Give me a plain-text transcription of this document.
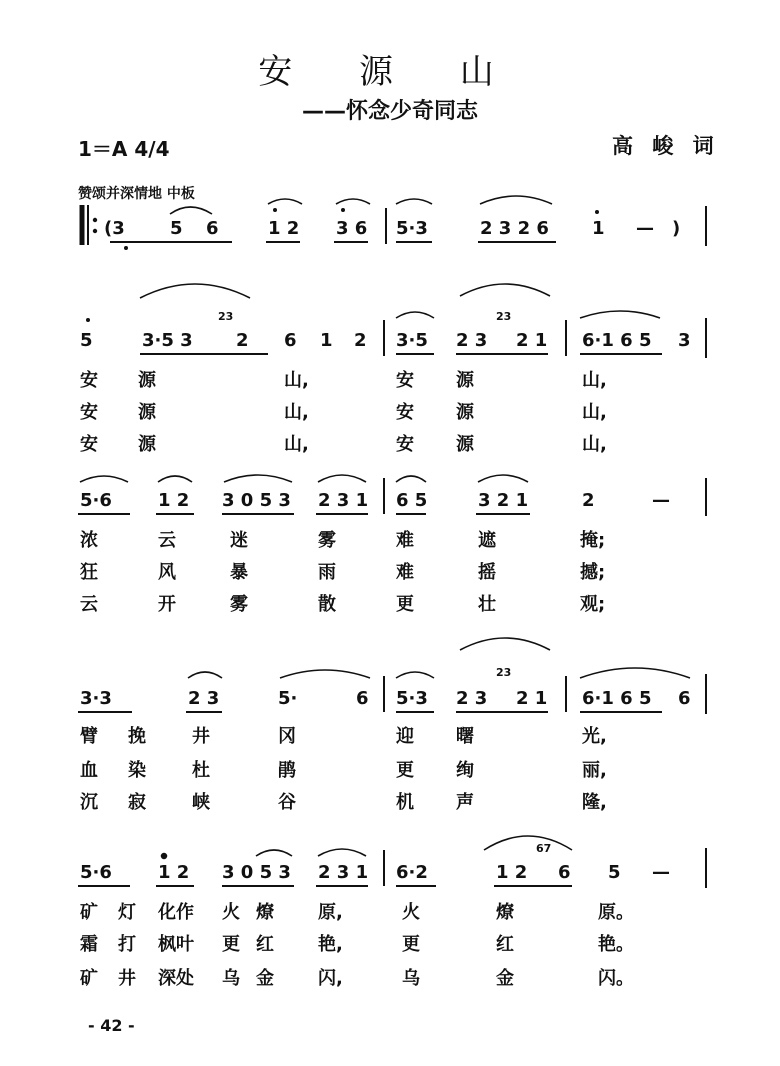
安 源 山
——怀念少奇同志
1＝A 4/4	高 峻 词
赞颂并深情地 中板
- 42 -
(3	5 6	1 2 3 6 5·3	2 3 2 6 1 — )
5	3·5 3
23
2 6 1 2 3·5 2 3
23
2 1 6·1 6 5 3
安 源	山,	安 源	山,
安 源	山,	安 源	山,
安 源	山,	安 源	山,
5·6	1 2 3 0 5 3 2 3 1 6 5	3 2 1	2	—
浓	云	迷	雾	难	遮	掩;
狂	风	暴	雨	难	摇	撼;
云	开	雾	散	更	壮	观;
3·3	2 3	5·	6 5·3 2 3
23
2 1 6·1 6 5 6
臂 挽	井	冈	迎 曙	光,
血 染	杜	鹃	更 绚	丽,
沉 寂	峡	谷	机 声	隆,
5·6	1 2 3 0 5 3 2 3 1 6·2	1 2
67
6 5 —
矿 灯 化作 火 燎 原,	火	燎	原。
霜 打 枫叶 更 红 艳,	更	红	艳。
矿 井 深处 乌 金 闪,	乌	金	闪。
